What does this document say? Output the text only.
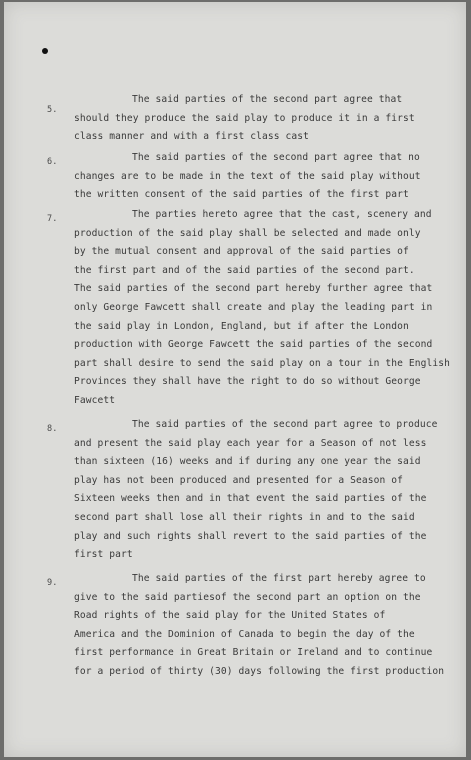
5.
The said parties of the second part agree that
should they produce the said play to produce it in a first
class manner and with a first class cast
6.	The said parties of the second part agree that no
changes are to be made in the text of the said play without
the written consent of the said parties of the first part
7.	The parties hereto agree that the cast, scenery and
production of the said play shall be selected and made only
by the mutual consent and approval of the said parties of
the first part and of the said parties of the second part.
The said parties of the second part hereby further agree that
only George Fawcett shall create and play the leading part in
the said play in London, England, but if after the London
production with George Fawcett the said parties of the second
part shall desire to send the said play on a tour in the English
Provinces they shall have the right to do so without George
Fawcett
8.	The said parties of the second part agree to produce
and present the said play each year for a Season of not less
than sixteen (16) weeks and if during any one year the said
play has not been produced and presented for a Season of
Sixteen weeks then and in that event the said parties of the
second part shall lose all their rights in and to the said
play and such rights shall revert to the said parties of the
first part
9.	The said parties of the first part hereby agree to
give to the said partiesof the second part an option on the
Road rights of the said play for the United States of
America and the Dominion of Canada to begin the day of the
first performance in Great Britain or Ireland and to continue
for a period of thirty (30) days following the first production
